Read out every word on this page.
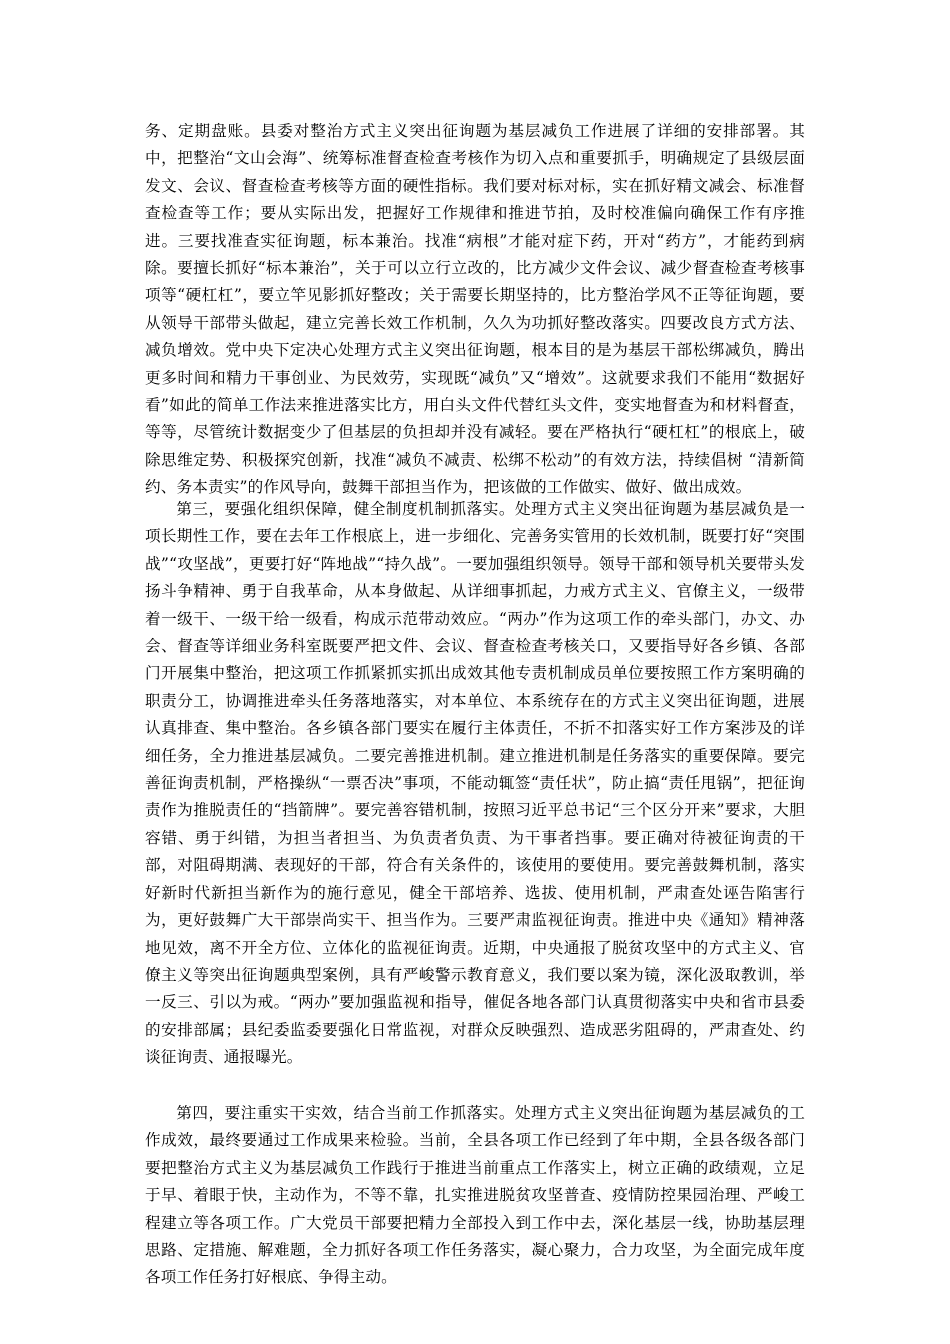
务、定期盘账。县委对整治方式主义突出征询题为基层减负工作进展了详细的安排部署。其中，把整治“文山会海”、统筹标准督查检查考核作为切入点和重要抓手，明确规定了县级层面发文、会议、督查检查考核等方面的硬性指标。我们要对标对标，实在抓好精文减会、标准督查检查等工作；要从实际出发，把握好工作规律和推进节拍，及时校准偏向确保工作有序推进。三要找准查实征询题，标本兼治。找准“病根”才能对症下药，开对“药方”，才能药到病除。要擅长抓好“标本兼治”，关于可以立行立改的，比方减少文件会议、减少督查检查考核事项等“硬杠杠”，要立竿见影抓好整改；关于需要长期坚持的，比方整治学风不正等征询题，要从领导干部带头做起，建立完善长效工作机制，久久为功抓好整改落实。四要改良方式方法、减负增效。党中央下定决心处理方式主义突出征询题，根本目的是为基层干部松绑减负，腾出更多时间和精力干事创业、为民效劳，实现既“减负”又“增效”。这就要求我们不能用“数据好看”如此的简单工作法来推进落实比方，用白头文件代替红头文件，变实地督查为和材料督查，等等，尽管统计数据变少了但基层的负担却并没有减轻。要在严格执行“硬杠杠”的根底上，破除思维定势、积极探究创新，找准“减负不减责、松绑不松动”的有效方法，持续倡树 “清新简约、务本责实”的作风导向，鼓舞干部担当作为，把该做的工作做实、做好、做出成效。

第三，要强化组织保障，健全制度机制抓落实。处理方式主义突出征询题为基层减负是一项长期性工作，要在去年工作根底上，进一步细化、完善务实管用的长效机制，既要打好“突围战”“攻坚战”，更要打好“阵地战”“持久战”。一要加强组织领导。领导干部和领导机关要带头发扬斗争精神、勇于自我革命，从本身做起、从详细事抓起，力戒方式主义、官僚主义，一级带着一级干、一级干给一级看，构成示范带动效应。“两办”作为这项工作的牵头部门，办文、办会、督查等详细业务科室既要严把文件、会议、督查检查考核关口，又要指导好各乡镇、各部门开展集中整治，把这项工作抓紧抓实抓出成效其他专责机制成员单位要按照工作方案明确的职责分工，协调推进牵头任务落地落实，对本单位、本系统存在的方式主义突出征询题，进展认真排查、集中整治。各乡镇各部门要实在履行主体责任，不折不扣落实好工作方案涉及的详细任务，全力推进基层减负。二要完善推进机制。建立推进机制是任务落实的重要保障。要完善征询责机制，严格操纵“一票否决”事项，不能动辄签“责任状”，防止搞“责任甩锅”，把征询责作为推脱责任的“挡箭牌”。要完善容错机制，按照习近平总书记“三个区分开来”要求，大胆容错、勇于纠错，为担当者担当、为负责者负责、为干事者挡事。要正确对待被征询责的干部，对阻碍期满、表现好的干部，符合有关条件的，该使用的要使用。要完善鼓舞机制，落实好新时代新担当新作为的施行意见，健全干部培养、选拔、使用机制，严肃查处诬告陷害行为，更好鼓舞广大干部崇尚实干、担当作为。三要严肃监视征询责。推进中央《通知》精神落地见效，离不开全方位、立体化的监视征询责。近期，中央通报了脱贫攻坚中的方式主义、官僚主义等突出征询题典型案例，具有严峻警示教育意义，我们要以案为镜，深化汲取教训，举一反三、引以为戒。“两办”要加强监视和指导，催促各地各部门认真贯彻落实中央和省市县委的安排部属；县纪委监委要强化日常监视，对群众反映强烈、造成恶劣阻碍的，严肃查处、约谈征询责、通报曝光。

第四，要注重实干实效，结合当前工作抓落实。处理方式主义突出征询题为基层减负的工作成效，最终要通过工作成果来检验。当前，全县各项工作已经到了年中期，全县各级各部门要把整治方式主义为基层减负工作践行于推进当前重点工作落实上，树立正确的政绩观，立足于早、着眼于快，主动作为，不等不靠，扎实推进脱贫攻坚普查、疫情防控果园治理、严峻工程建立等各项工作。广大党员干部要把精力全部投入到工作中去，深化基层一线，协助基层理思路、定措施、解难题，全力抓好各项工作任务落实，凝心聚力，合力攻坚，为全面完成年度各项工作任务打好根底、争得主动。
